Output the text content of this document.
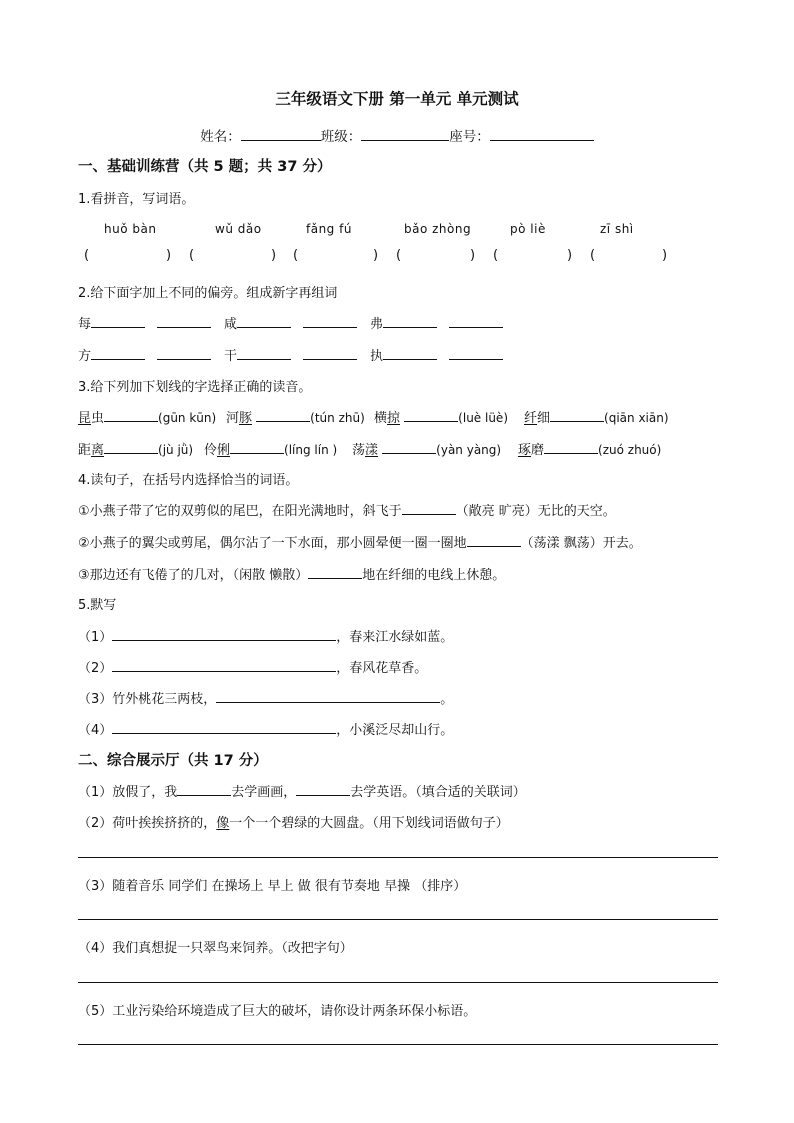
三年级语文下册 第一单元 单元测试
姓名：	班级：	座号：
一、基础训练营（共 5 题；共 37 分）
1.看拼音，写词语。
huǒ bàn	wǔ dǎo	fǎng fú	bǎo zhòng	pò liè	zī shì
(	) (	) (	) (	) (	) (	)
2.给下面字加上不同的偏旁。组成新字再组词
每	咸	弗
方	干	执
3.给下列加下划线的字选择正确的读音。
昆虫	(gūn kūn) 河豚	(tún zhū) 横掠	(luè lüè) 纤细	(qiān xiān)
距离	(jù jǜ) 伶俐	(líng lín ) 荡漾	(yàn yàng) 琢磨	(zuó zhuó)
4.读句子，在括号内选择恰当的词语。
①小燕子带了它的双剪似的尾巴，在阳光满地时，斜飞于	（敞亮 旷亮）无比的天空。
②小燕子的翼尖或剪尾，偶尔沾了一下水面，那小圆晕便一圈一圈地	（荡漾 飘荡）开去。
③那边还有飞倦了的几对，（闲散 懒散）	地在纤细的电线上休憩。
5.默写
（1）	，春来江水绿如蓝。
（2）	，春风花草香。
（3）竹外桃花三两枝，	。
（4）	，小溪泛尽却山行。
二、综合展示厅（共 17 分）
（1）放假了，我	去学画画，	去学英语。（填合适的关联词）
（2）荷叶挨挨挤挤的，像一个一个碧绿的大圆盘。（用下划线词语做句子）
（3）随着音乐 同学们 在操场上 早上 做 很有节奏地 早操 （排序）
（4）我们真想捉一只翠鸟来饲养。（改把字句）
（5）工业污染给环境造成了巨大的破坏，请你设计两条环保小标语。
